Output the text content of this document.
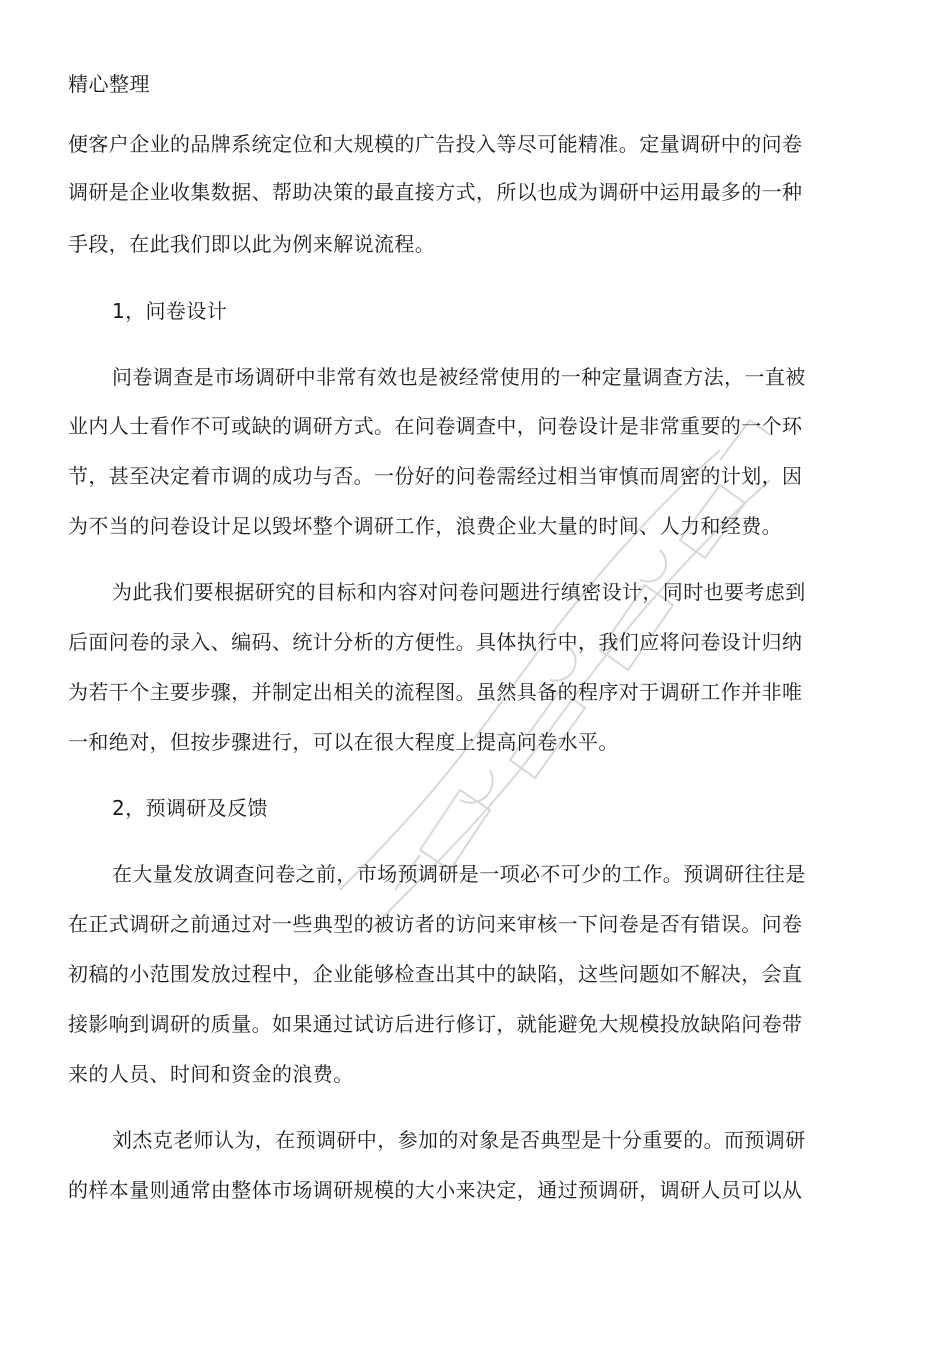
精心整理
便客户企业的品牌系统定位和大规模的广告投入等尽可能精准。定量调研中的问卷
调研是企业收集数据、帮助决策的最直接方式，所以也成为调研中运用最多的一种
手段，在此我们即以此为例来解说流程。
1，问卷设计
问卷调查是市场调研中非常有效也是被经常使用的一种定量调查方法，一直被
业内人士看作不可或缺的调研方式。在问卷调查中，问卷设计是非常重要的一个环
节，甚至决定着市调的成功与否。一份好的问卷需经过相当审慎而周密的计划，因
为不当的问卷设计足以毁坏整个调研工作，浪费企业大量的时间、人力和经费。
为此我们要根据研究的目标和内容对问卷问题进行缜密设计，同时也要考虑到
后面问卷的录入、编码、统计分析的方便性。具体执行中，我们应将问卷设计归纳
为若干个主要步骤，并制定出相关的流程图。虽然具备的程序对于调研工作并非唯
一和绝对，但按步骤进行，可以在很大程度上提高问卷水平。
2，预调研及反馈
在大量发放调查问卷之前，市场预调研是一项必不可少的工作。预调研往往是
在正式调研之前通过对一些典型的被访者的访问来审核一下问卷是否有错误。问卷
初稿的小范围发放过程中，企业能够检查出其中的缺陷，这些问题如不解决，会直
接影响到调研的质量。如果通过试访后进行修订，就能避免大规模投放缺陷问卷带
来的人员、时间和资金的浪费。
刘杰克老师认为，在预调研中，参加的对象是否典型是十分重要的。而预调研
的样本量则通常由整体市场调研规模的大小来决定，通过预调研，调研人员可以从
